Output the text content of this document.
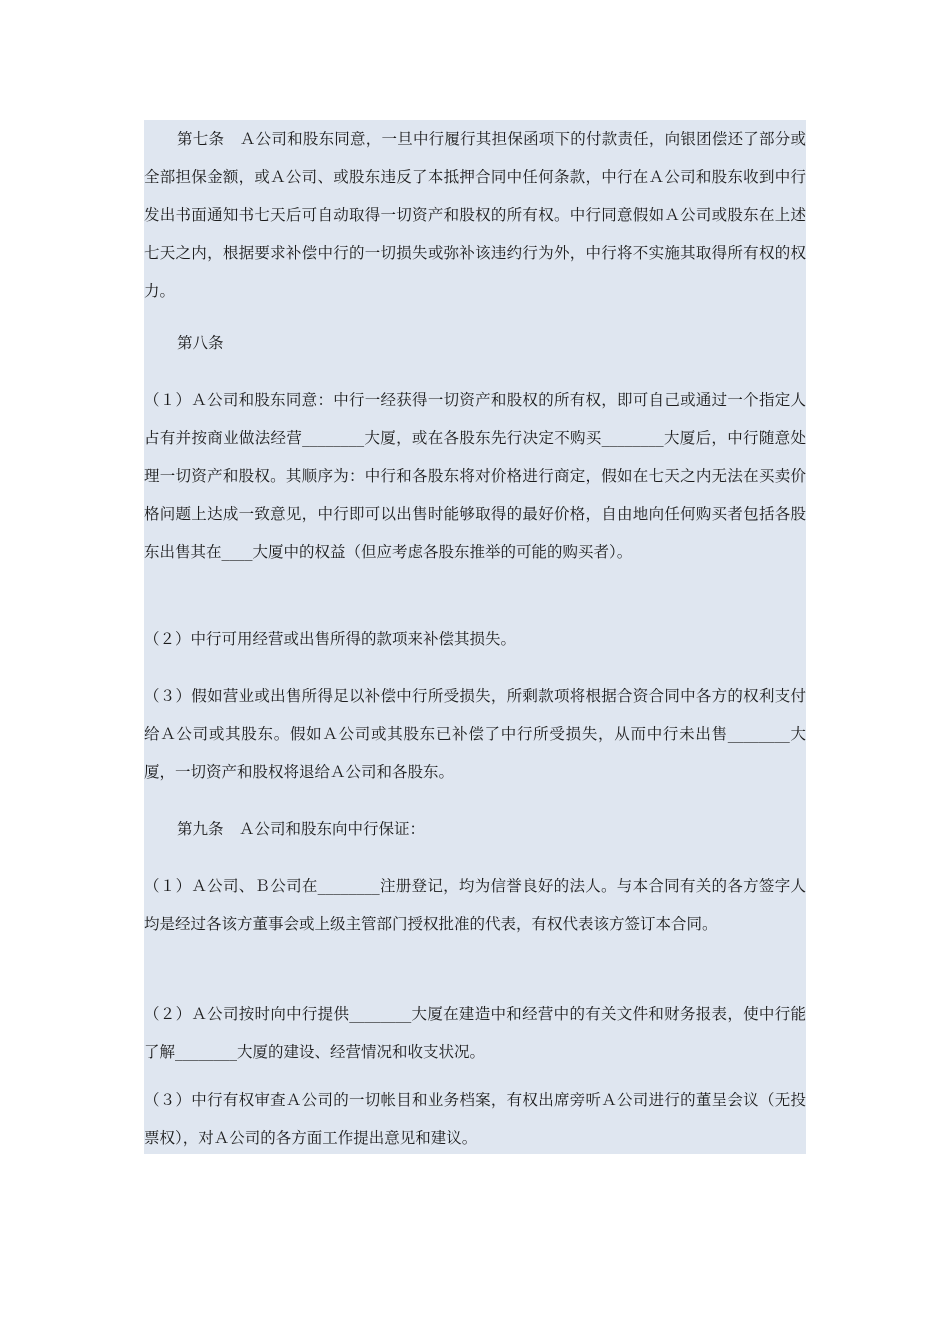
第七条　Ａ公司和股东同意，一旦中行履行其担保函项下的付款责任，向银团偿还了部分或全部担保金额，或Ａ公司、或股东违反了本抵押合同中任何条款，中行在Ａ公司和股东收到中行发出书面通知书七天后可自动取得一切资产和股权的所有权。中行同意假如Ａ公司或股东在上述七天之内，根据要求补偿中行的一切损失或弥补该违约行为外，中行将不实施其取得所有权的权力。
第八条
（１）Ａ公司和股东同意：中行一经获得一切资产和股权的所有权，即可自己或通过一个指定人占有并按商业做法经营________大厦，或在各股东先行决定不购买________大厦后，中行随意处理一切资产和股权。其顺序为：中行和各股东将对价格进行商定，假如在七天之内无法在买卖价格问题上达成一致意见，中行即可以出售时能够取得的最好价格，自由地向任何购买者包括各股东出售其在____大厦中的权益（但应考虑各股东推举的可能的购买者）。
（２）中行可用经营或出售所得的款项来补偿其损失。
（３）假如营业或出售所得足以补偿中行所受损失，所剩款项将根据合资合同中各方的权利支付给Ａ公司或其股东。假如Ａ公司或其股东已补偿了中行所受损失，从而中行未出售________大厦，一切资产和股权将退给Ａ公司和各股东。
第九条　Ａ公司和股东向中行保证：
（１）Ａ公司、Ｂ公司在________注册登记，均为信誉良好的法人。与本合同有关的各方签字人均是经过各该方董事会或上级主管部门授权批准的代表，有权代表该方签订本合同。
（２）Ａ公司按时向中行提供________大厦在建造中和经营中的有关文件和财务报表，使中行能了解________大厦的建设、经营情况和收支状况。
（３）中行有权审查Ａ公司的一切帐目和业务档案，有权出席旁听Ａ公司进行的董呈会议（无投票权），对Ａ公司的各方面工作提出意见和建议。
